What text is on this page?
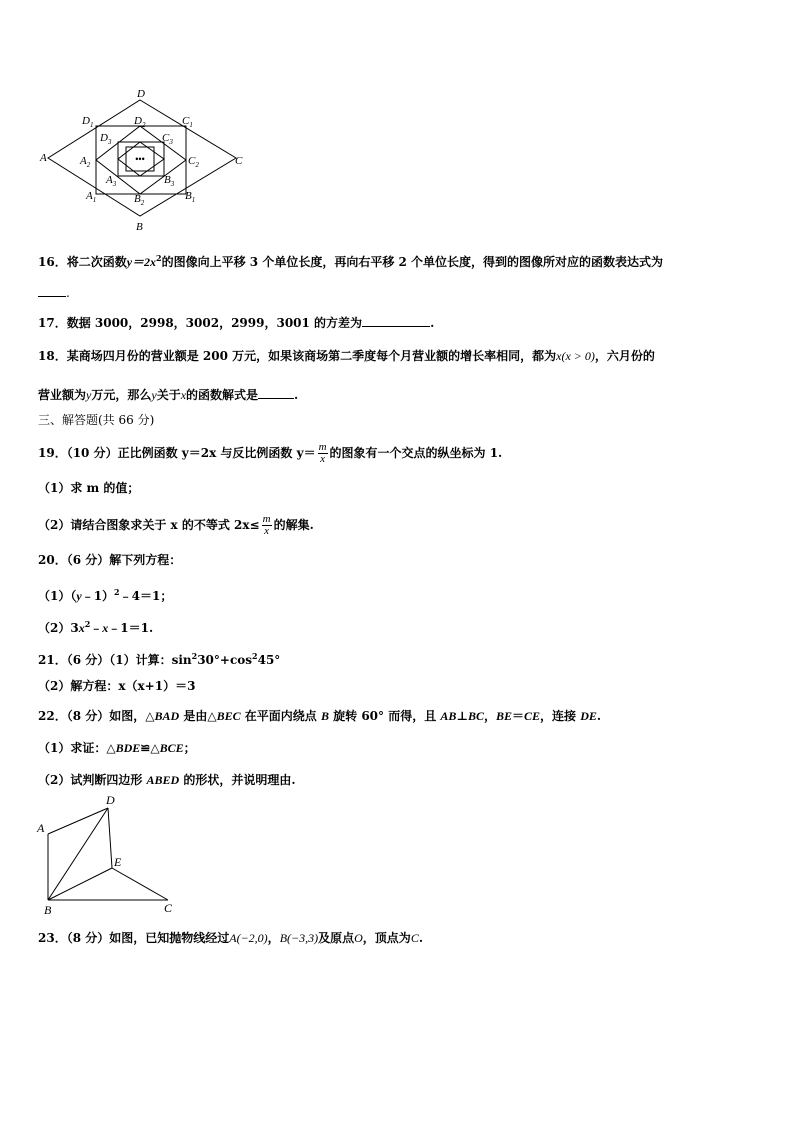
•••
D
A	C
B
$D_1$	$D_2$	$C_1$
$D_3$	$C_3$
$A_2$	$C_2$
$A_3$	$B_3$
$A_1$	$B_2$
$B_1$
16．将二次函数$y=2x^2$的图像向上平移 3 个单位长度，再向右平移 2 个单位长度，得到的图像所对应的函数表达式为
.
17．数据 3000，2998，3002，2999，3001 的方差为	.
18．某商场四月份的营业额是 200 万元，如果该商场第二季度每个月营业额的增长率相同，都为x(x > 0)，六月份的
营业额为y万元，那么y关于x的函数解式是	.
三、解答题(共 66 分)
19．（10 分）正比例函数 y＝2x 与反比例函数 $y= \frac{m}{x}$ 的图象有一个交点的纵坐标为 1.
（1）求 m 的值；
（2）请结合图象求关于 x 的不等式 $2x\le \frac{m}{x}$ 的解集.
20．（6 分）解下列方程：
（1）（y﹣1）$^2$﹣4＝1；
$(2)3x^2﹣x﹣1=1$.
21．（6 分）（1）计算：$\sin^230^\circ+\cos^245^\circ$
（2）解方程：x（x+1）＝3
22．（8 分）如图，△BAD 是由△BEC 在平面内绕点 B 旋转 60° 而得，且 AB⊥BC，BE＝CE，连接 DE.
（1）求证：△BDE≌△BCE；
（2）试判断四边形 ABED 的形状，并说明理由.
A
D
E
B	C
23．（8 分）如图，已知抛物线经过A(−2,0)，B(−3,3)及原点O，顶点为C.
